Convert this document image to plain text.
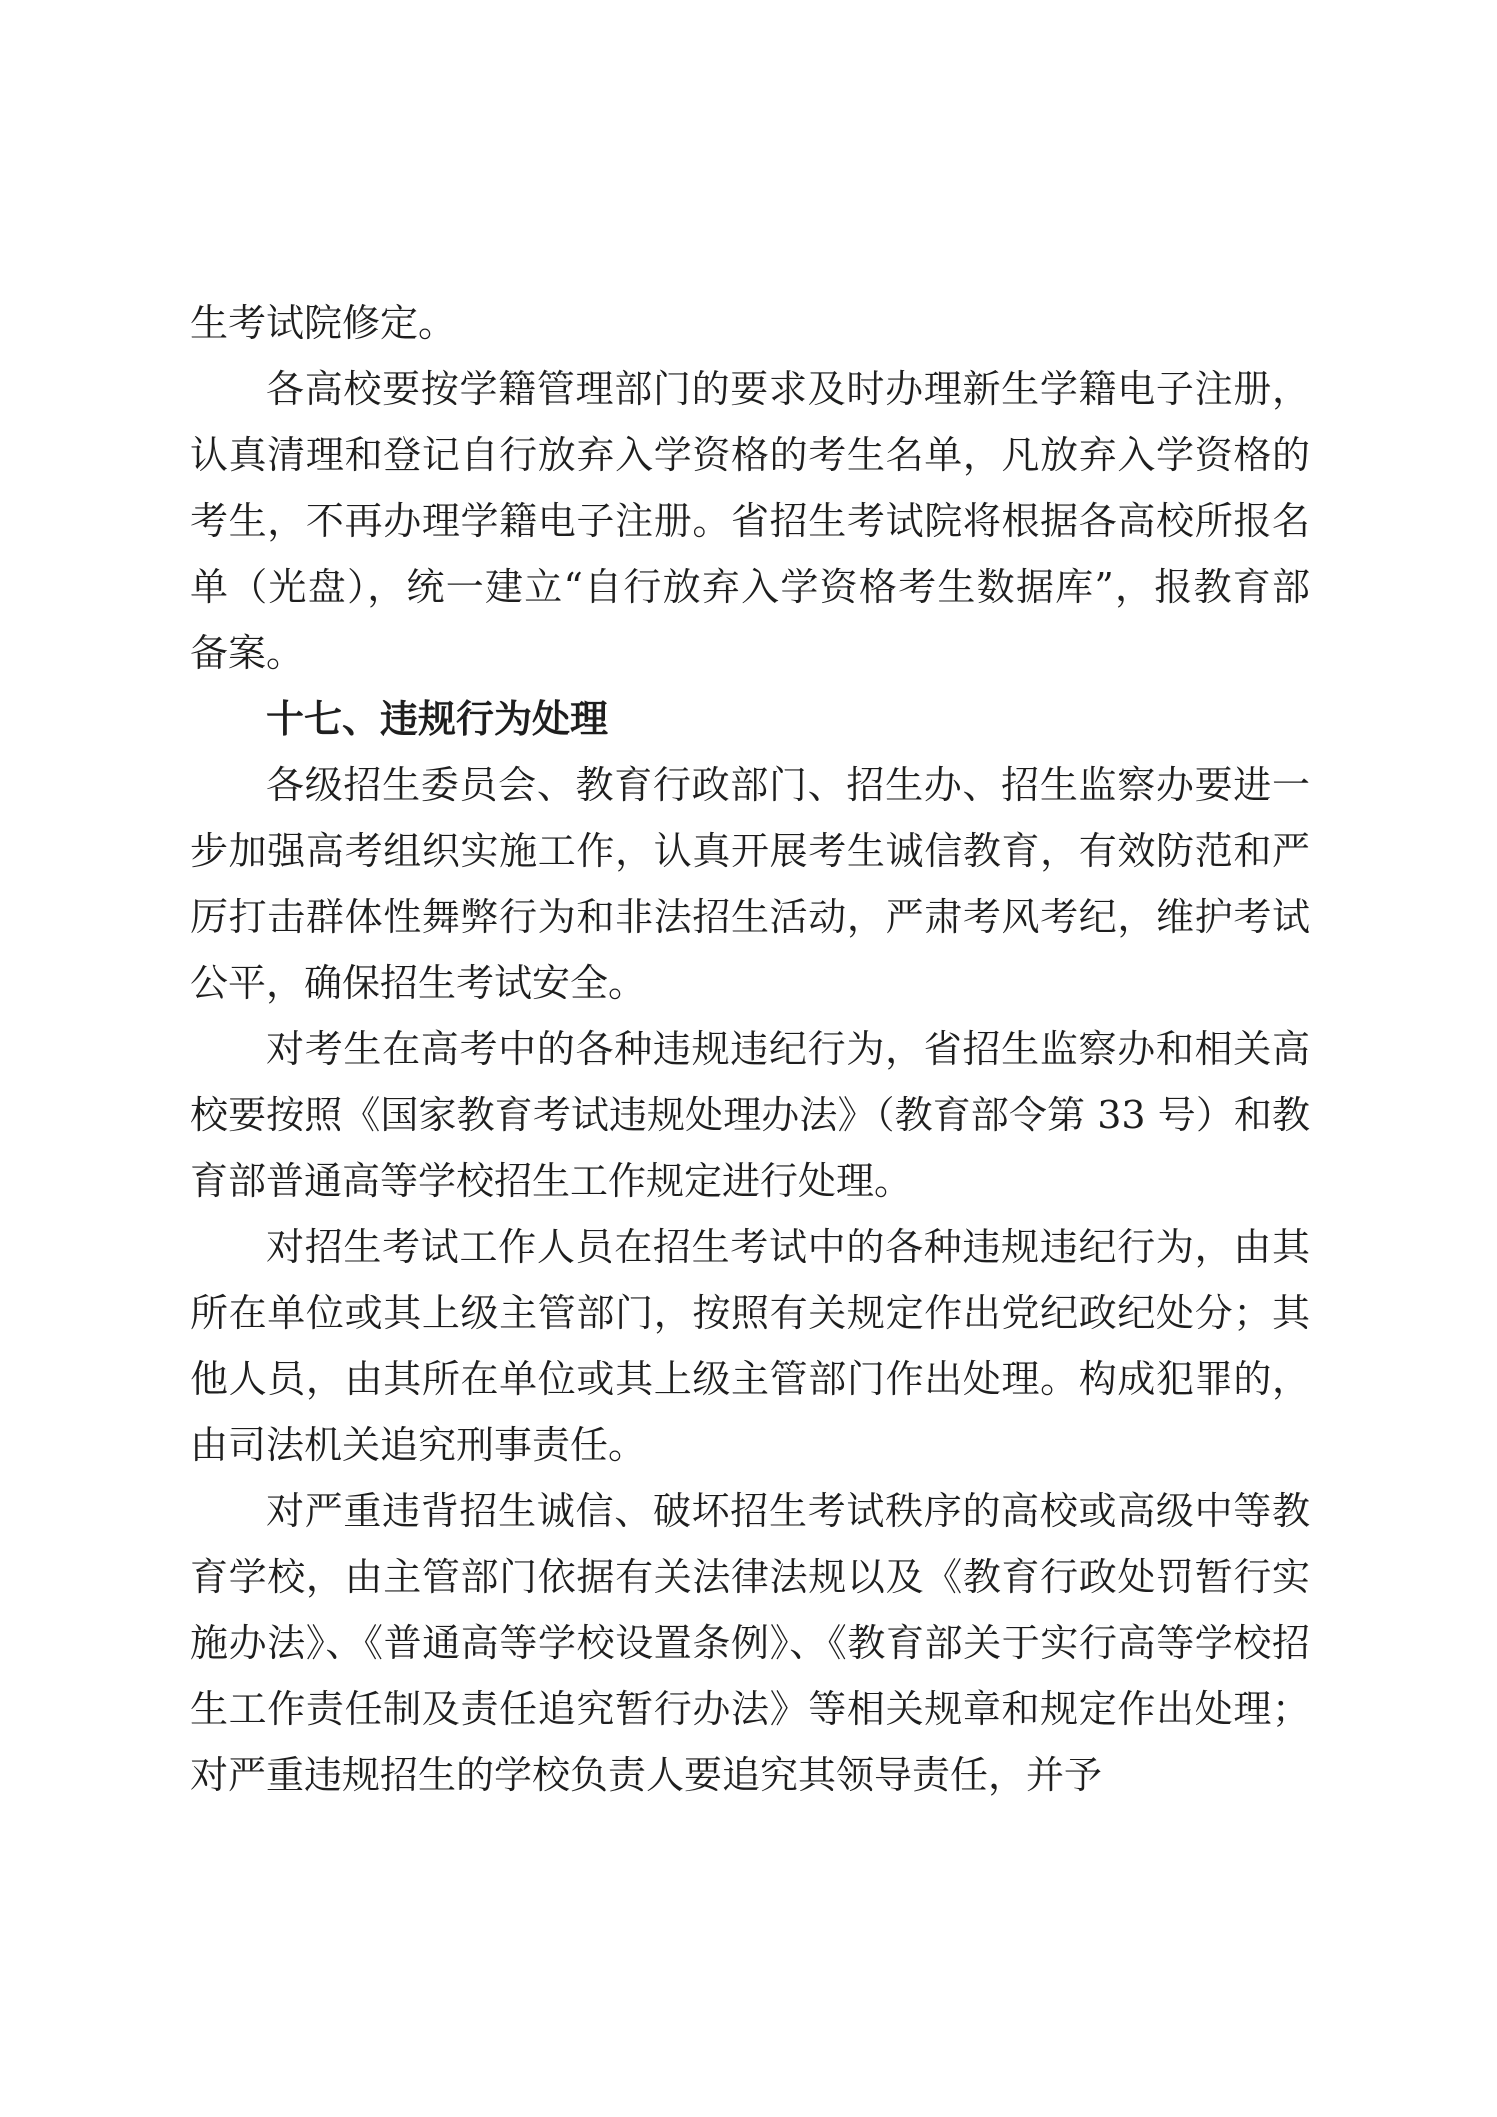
生考试院修定。

各高校要按学籍管理部门的要求及时办理新生学籍电子注册，认真清理和登记自行放弃入学资格的考生名单，凡放弃入学资格的考生，不再办理学籍电子注册。省招生考试院将根据各高校所报名单（光盘），统一建立“自行放弃入学资格考生数据库”，报教育部备案。

十七、违规行为处理

各级招生委员会、教育行政部门、招生办、招生监察办要进一步加强高考组织实施工作，认真开展考生诚信教育，有效防范和严厉打击群体性舞弊行为和非法招生活动，严肃考风考纪，维护考试公平，确保招生考试安全。

对考生在高考中的各种违规违纪行为，省招生监察办和相关高校要按照《国家教育考试违规处理办法》（教育部令第 33 号）和教育部普通高等学校招生工作规定进行处理。

对招生考试工作人员在招生考试中的各种违规违纪行为，由其所在单位或其上级主管部门，按照有关规定作出党纪政纪处分；其他人员，由其所在单位或其上级主管部门作出处理。构成犯罪的，由司法机关追究刑事责任。

对严重违背招生诚信、破坏招生考试秩序的高校或高级中等教育学校，由主管部门依据有关法律法规以及《教育行政处罚暂行实施办法》、《普通高等学校设置条例》、《教育部关于实行高等学校招生工作责任制及责任追究暂行办法》等相关规章和规定作出处理；对严重违规招生的学校负责人要追究其领导责任，并予
